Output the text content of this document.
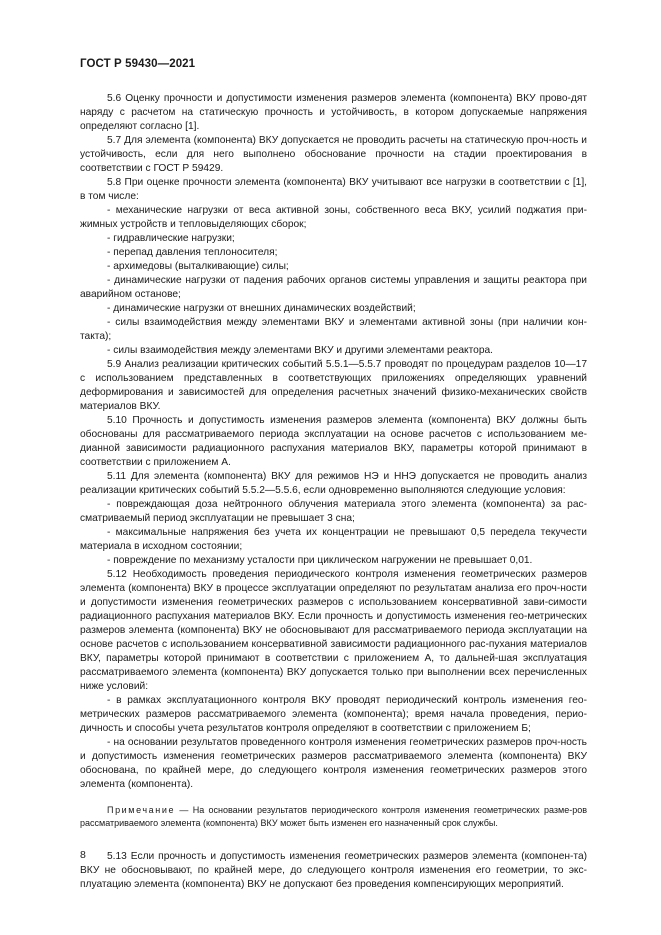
ГОСТ Р 59430—2021

5.6 Оценку прочности и допустимости изменения размеров элемента (компонента) ВКУ прово-дят наряду с расчетом на статическую прочность и устойчивость, в котором допускаемые напряжения определяют согласно [1].

5.7 Для элемента (компонента) ВКУ допускается не проводить расчеты на статическую проч-ность и устойчивость, если для него выполнено обоснование прочности на стадии проектирования в соответствии с ГОСТ Р 59429.

5.8 При оценке прочности элемента (компонента) ВКУ учитывают все нагрузки в соответствии с [1], в том числе:

- механические нагрузки от веса активной зоны, собственного веса ВКУ, усилий поджатия при-жимных устройств и тепловыделяющих сборок;

- гидравлические нагрузки;

- перепад давления теплоносителя;

- архимедовы (выталкивающие) силы;

- динамические нагрузки от падения рабочих органов системы управления и защиты реактора при аварийном останове;

- динамические нагрузки от внешних динамических воздействий;

- силы взаимодействия между элементами ВКУ и элементами активной зоны (при наличии кон-такта);

- силы взаимодействия между элементами ВКУ и другими элементами реактора.

5.9 Анализ реализации критических событий 5.5.1—5.5.7 проводят по процедурам разделов 10—17 с использованием представленных в соответствующих приложениях определяющих уравнений деформирования и зависимостей для определения расчетных значений физико-механических свойств материалов ВКУ.

5.10 Прочность и допустимость изменения размеров элемента (компонента) ВКУ должны быть обоснованы для рассматриваемого периода эксплуатации на основе расчетов с использованием ме-дианной зависимости радиационного распухания материалов ВКУ, параметры которой принимают в соответствии с приложением А.

5.11 Для элемента (компонента) ВКУ для режимов НЭ и ННЭ допускается не проводить анализ реализации критических событий 5.5.2—5.5.6, если одновременно выполняются следующие условия:

- повреждающая доза нейтронного облучения материала этого элемента (компонента) за рас-сматриваемый период эксплуатации не превышает 3 сна;

- максимальные напряжения без учета их концентрации не превышают 0,5 передела текучести материала в исходном состоянии;

- повреждение по механизму усталости при циклическом нагружении не превышает 0,01.

5.12 Необходимость проведения периодического контроля изменения геометрических размеров элемента (компонента) ВКУ в процессе эксплуатации определяют по результатам анализа его проч-ности и допустимости изменения геометрических размеров с использованием консервативной зави-симости радиационного распухания материалов ВКУ. Если прочность и допустимость изменения гео-метрических размеров элемента (компонента) ВКУ не обосновывают для рассматриваемого периода эксплуатации на основе расчетов с использованием консервативной зависимости радиационного рас-пухания материалов ВКУ, параметры которой принимают в соответствии с приложением А, то дальней-шая эксплуатация рассматриваемого элемента (компонента) ВКУ допускается только при выполнении всех перечисленных ниже условий:

- в рамках эксплуатационного контроля ВКУ проводят периодический контроль изменения гео-метрических размеров рассматриваемого элемента (компонента); время начала проведения, перио-дичность и способы учета результатов контроля определяют в соответствии с приложением Б;

- на основании результатов проведенного контроля изменения геометрических размеров проч-ность и допустимость изменения геометрических размеров рассматриваемого элемента (компонента) ВКУ обоснована, по крайней мере, до следующего контроля изменения геометрических размеров этого элемента (компонента).

Примечание — На основании результатов периодического контроля изменения геометрических разме-ров рассматриваемого элемента (компонента) ВКУ может быть изменен его назначенный срок службы.

5.13 Если прочность и допустимость изменения геометрических размеров элемента (компонен-та) ВКУ не обосновывают, по крайней мере, до следующего контроля изменения его геометрии, то экс-плуатацию элемента (компонента) ВКУ не допускают без проведения компенсирующих мероприятий.

8
